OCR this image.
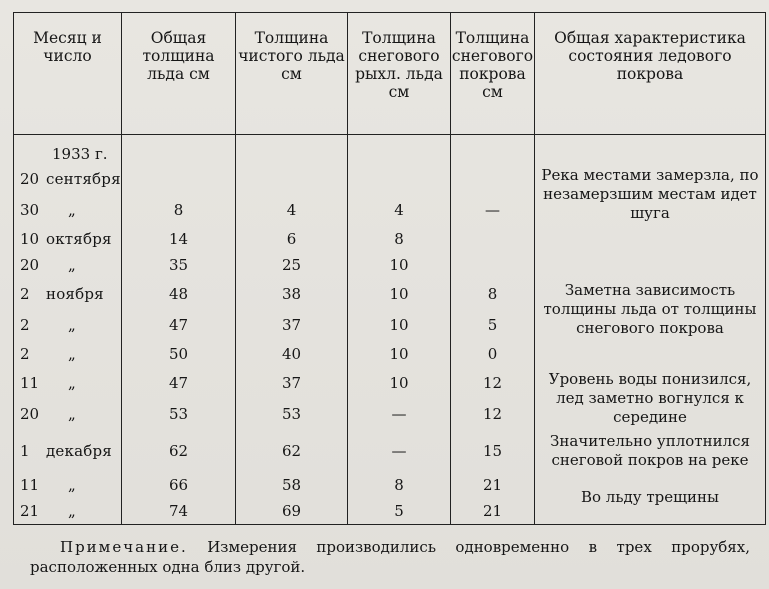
Месяц и число	Общая толщина льда см	Толщина чистого льда см	Толщина снегового рыхл. льда см	Толщина снегового покрова см	Общая характеристика состояния ледового покрова
1933 г.					
20 сентября					Река местами замерзла, по незамерзшим местам идет шуга
30 „	8	4	4	—	
10 октября	14	6	8		
20 „	35	25	10		
2 ноября	48	38	10	8	Заметна зависимость толщины льда от толщины снегового покрова
2 „	47	37	10	5	
2 „	50	40	10	0	
11 „	47	37	10	12	Уровень воды понизился, лед заметно вогнулся к середине
20 „	53	53	—	12	
1 декабря	62	62	—	15	Значительно уплотнился снеговой покров на реке
11 „	66	58	8	21	Во льду трещины
21 „	74	69	5	21	
Примечание. Измерения производились одновременно в трех прорубях, расположенных одна близ другой.
